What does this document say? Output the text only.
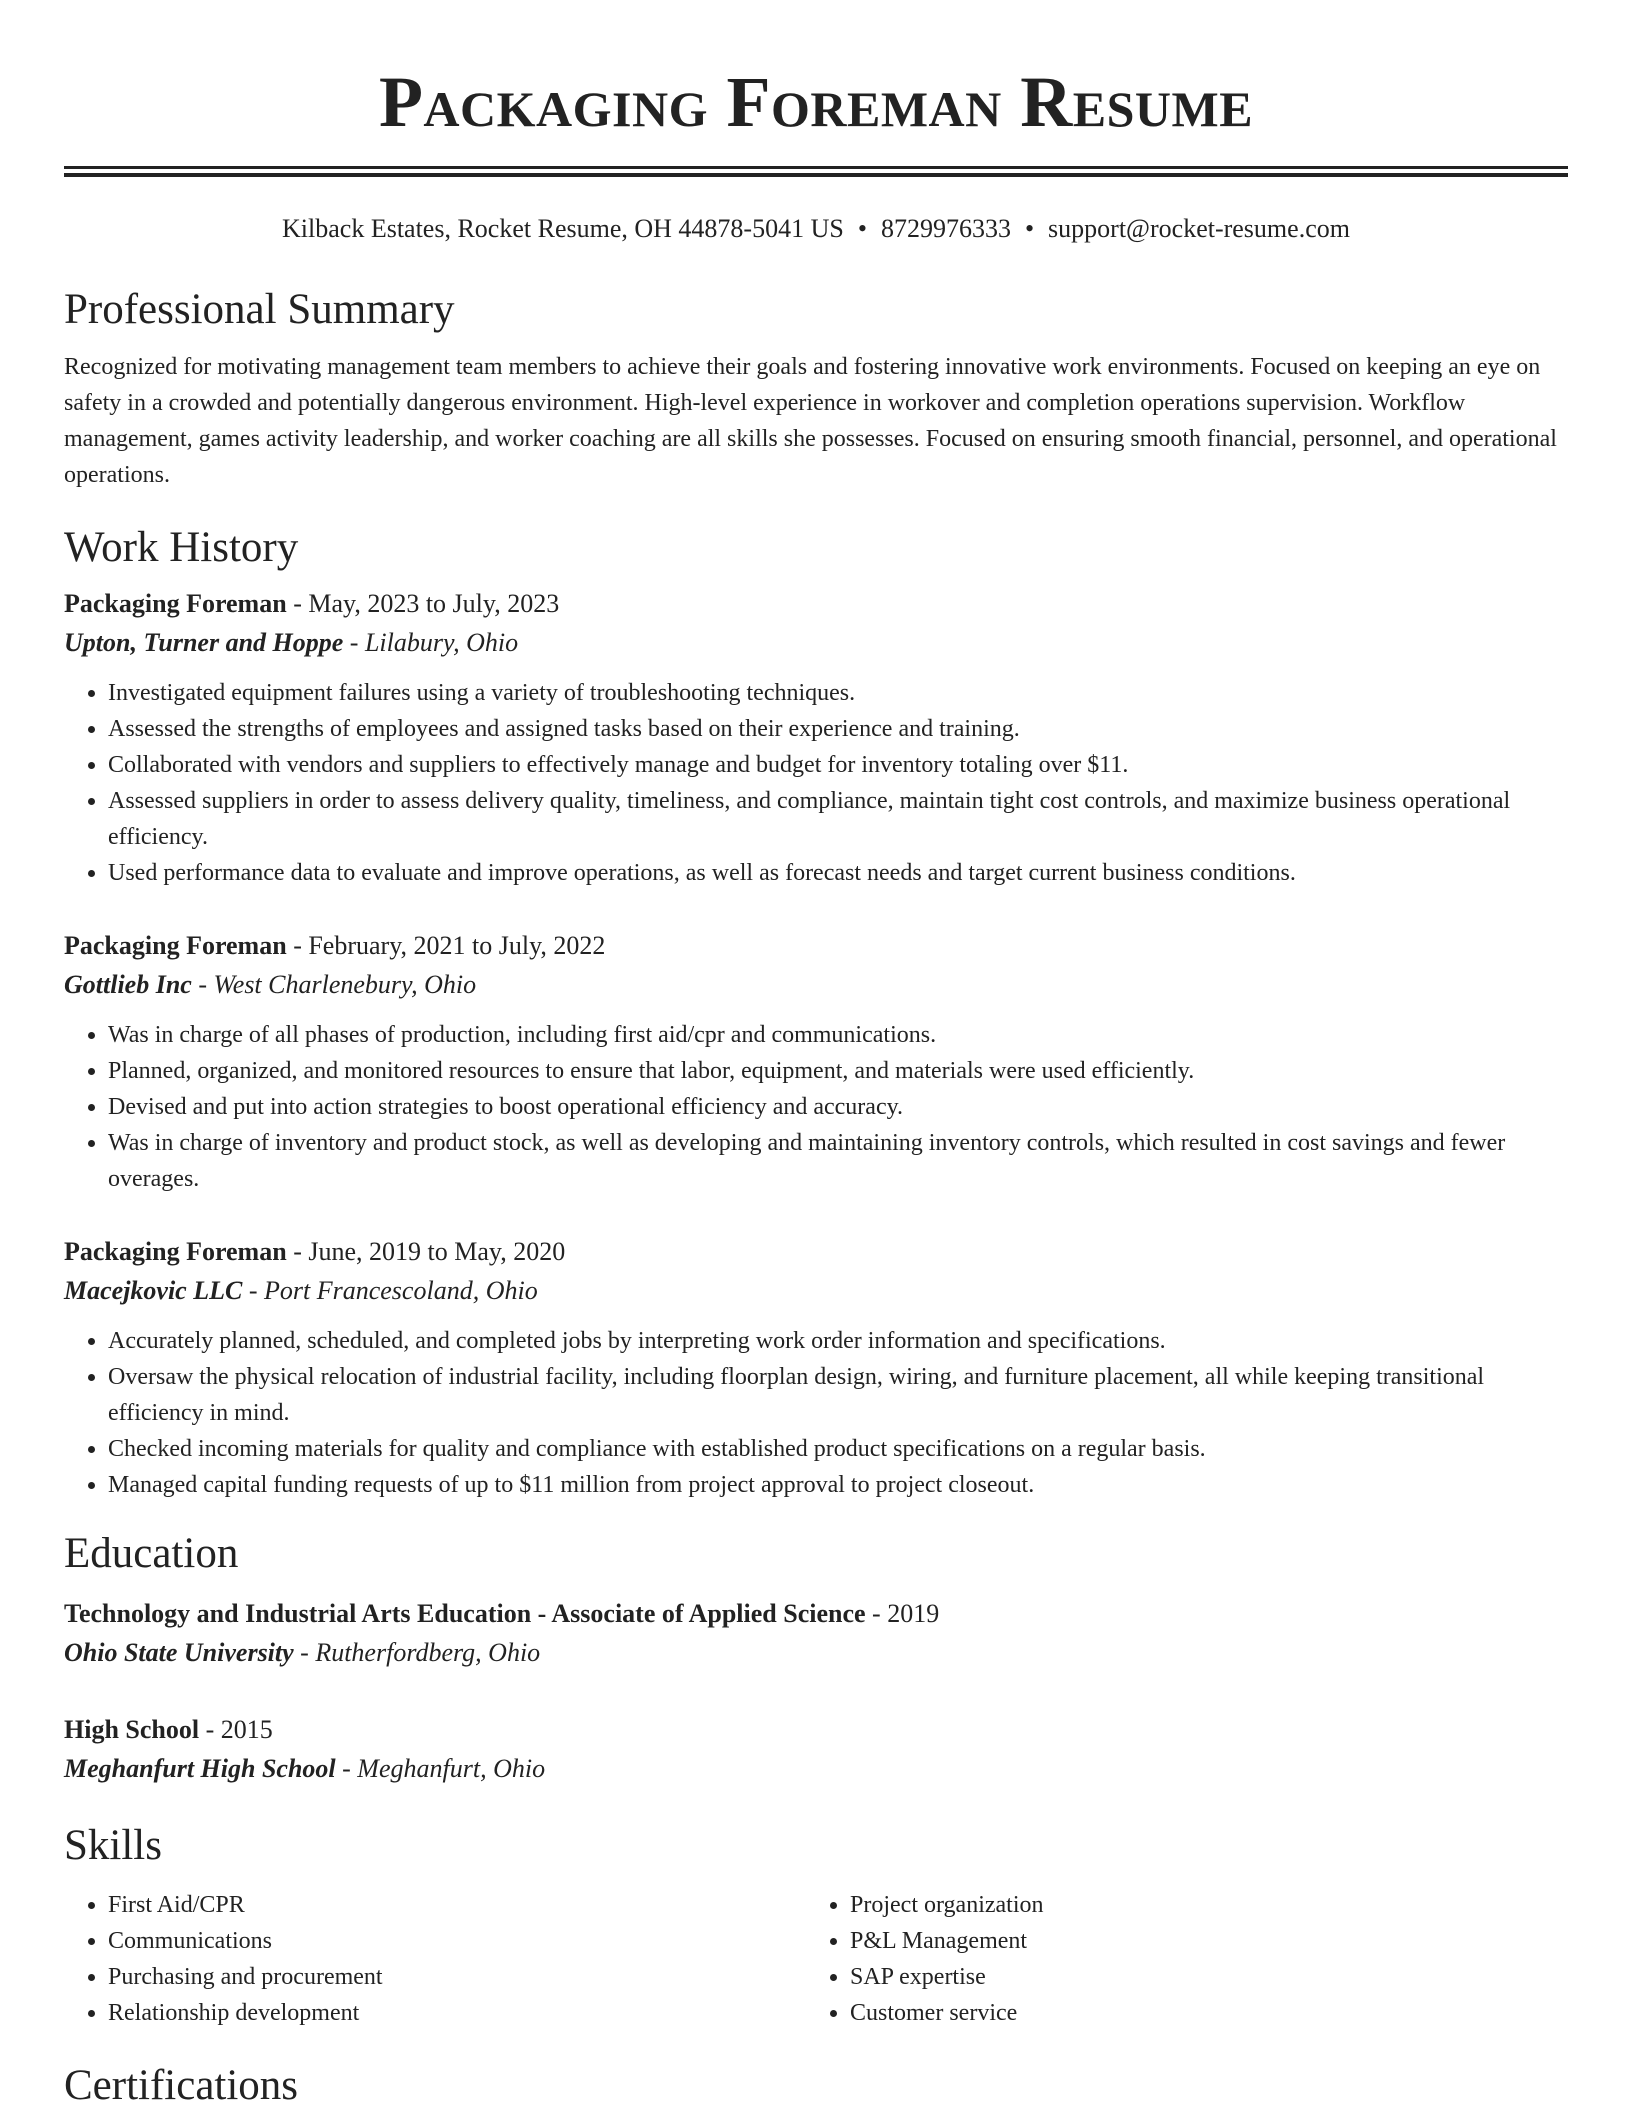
Packaging Foreman Resume
Kilback Estates, Rocket Resume, OH 44878-5041 US • 8729976333 • support@rocket-resume.com
Professional Summary

Recognized for motivating management team members to achieve their goals and fostering innovative work environments. Focused on keeping an eye on safety in a crowded and potentially dangerous environment. High-level experience in workover and completion operations supervision. Workflow management, games activity leadership, and worker coaching are all skills she possesses. Focused on ensuring smooth financial, personnel, and operational operations.

Work History
Packaging Foreman - May, 2023 to July, 2023
Upton, Turner and Hoppe - Lilabury, Ohio
• Investigated equipment failures using a variety of troubleshooting techniques.
• Assessed the strengths of employees and assigned tasks based on their experience and training.
• Collaborated with vendors and suppliers to effectively manage and budget for inventory totaling over $11.
• Assessed suppliers in order to assess delivery quality, timeliness, and compliance, maintain tight cost controls, and maximize business operational efficiency.
• Used performance data to evaluate and improve operations, as well as forecast needs and target current business conditions.
Packaging Foreman - February, 2021 to July, 2022
Gottlieb Inc - West Charlenebury, Ohio
• Was in charge of all phases of production, including first aid/cpr and communications.
• Planned, organized, and monitored resources to ensure that labor, equipment, and materials were used efficiently.
• Devised and put into action strategies to boost operational efficiency and accuracy.
• Was in charge of inventory and product stock, as well as developing and maintaining inventory controls, which resulted in cost savings and fewer overages.
Packaging Foreman - June, 2019 to May, 2020
Macejkovic LLC - Port Francescoland, Ohio
• Accurately planned, scheduled, and completed jobs by interpreting work order information and specifications.
• Oversaw the physical relocation of industrial facility, including floorplan design, wiring, and furniture placement, all while keeping transitional efficiency in mind.
• Checked incoming materials for quality and compliance with established product specifications on a regular basis.
• Managed capital funding requests of up to $11 million from project approval to project closeout.
Education
Technology and Industrial Arts Education - Associate of Applied Science - 2019
Ohio State University - Rutherfordberg, Ohio
High School - 2015
Meghanfurt High School - Meghanfurt, Ohio
Skills
• First Aid/CPR
• Communications
• Purchasing and procurement
• Relationship development
• Project organization
• P&L Management
• SAP expertise
• Customer service
Certifications
